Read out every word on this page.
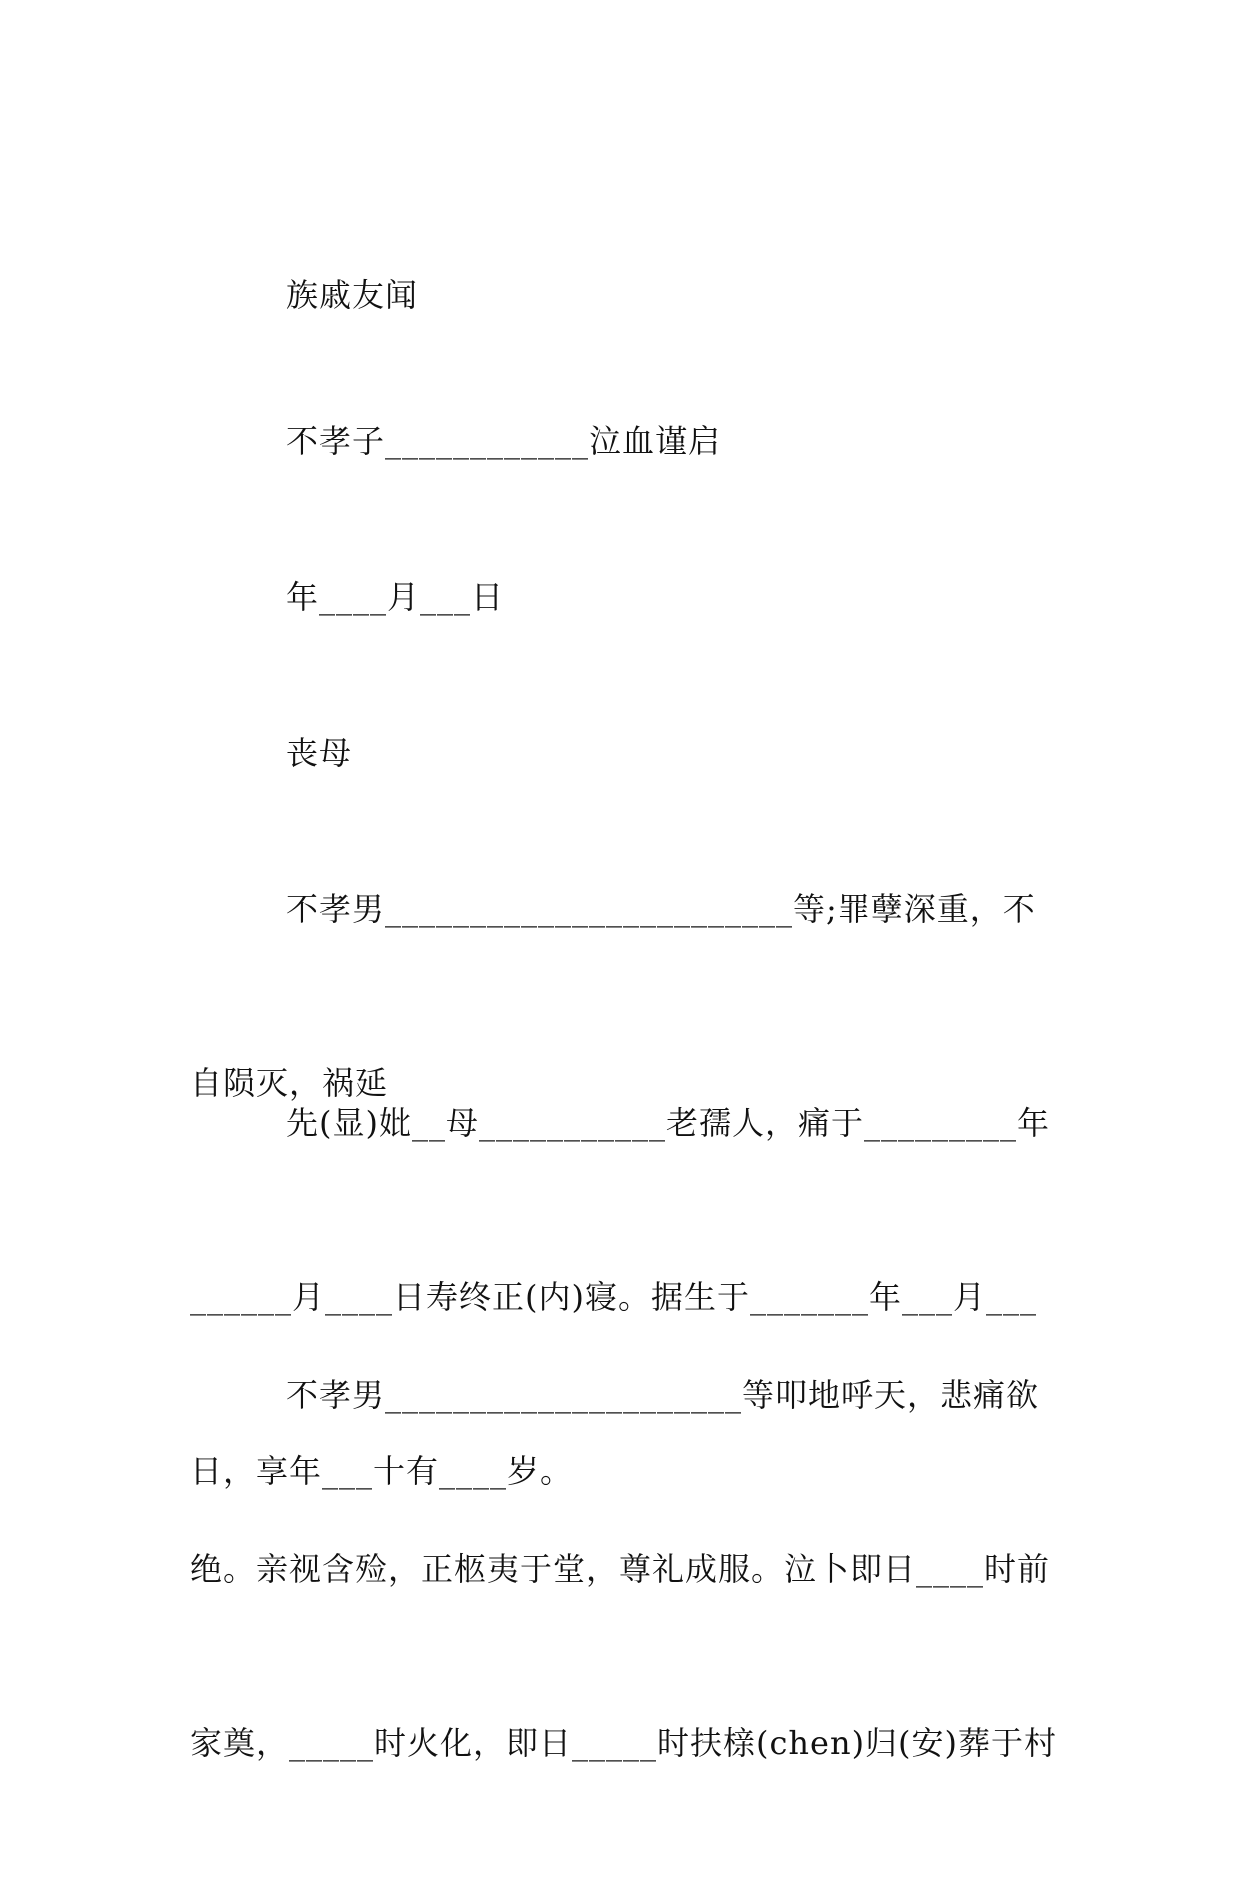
族戚友闻

不孝子____________泣血谨启

年____月___日

丧母

不孝男________________________等;罪孽深重，不

自陨灭，祸延

先(显)妣__母___________老孺人，痛于_________年

______月____日寿终正(内)寝。据生于_______年___月___

日，享年___十有____岁。

不孝男_____________________等叩地呼天，悲痛欲

绝。亲视含殓，正柩夷于堂，尊礼成服。泣卜即日____时前

家奠，_____时火化，即日_____时扶榇(chen)归(安)葬于村
